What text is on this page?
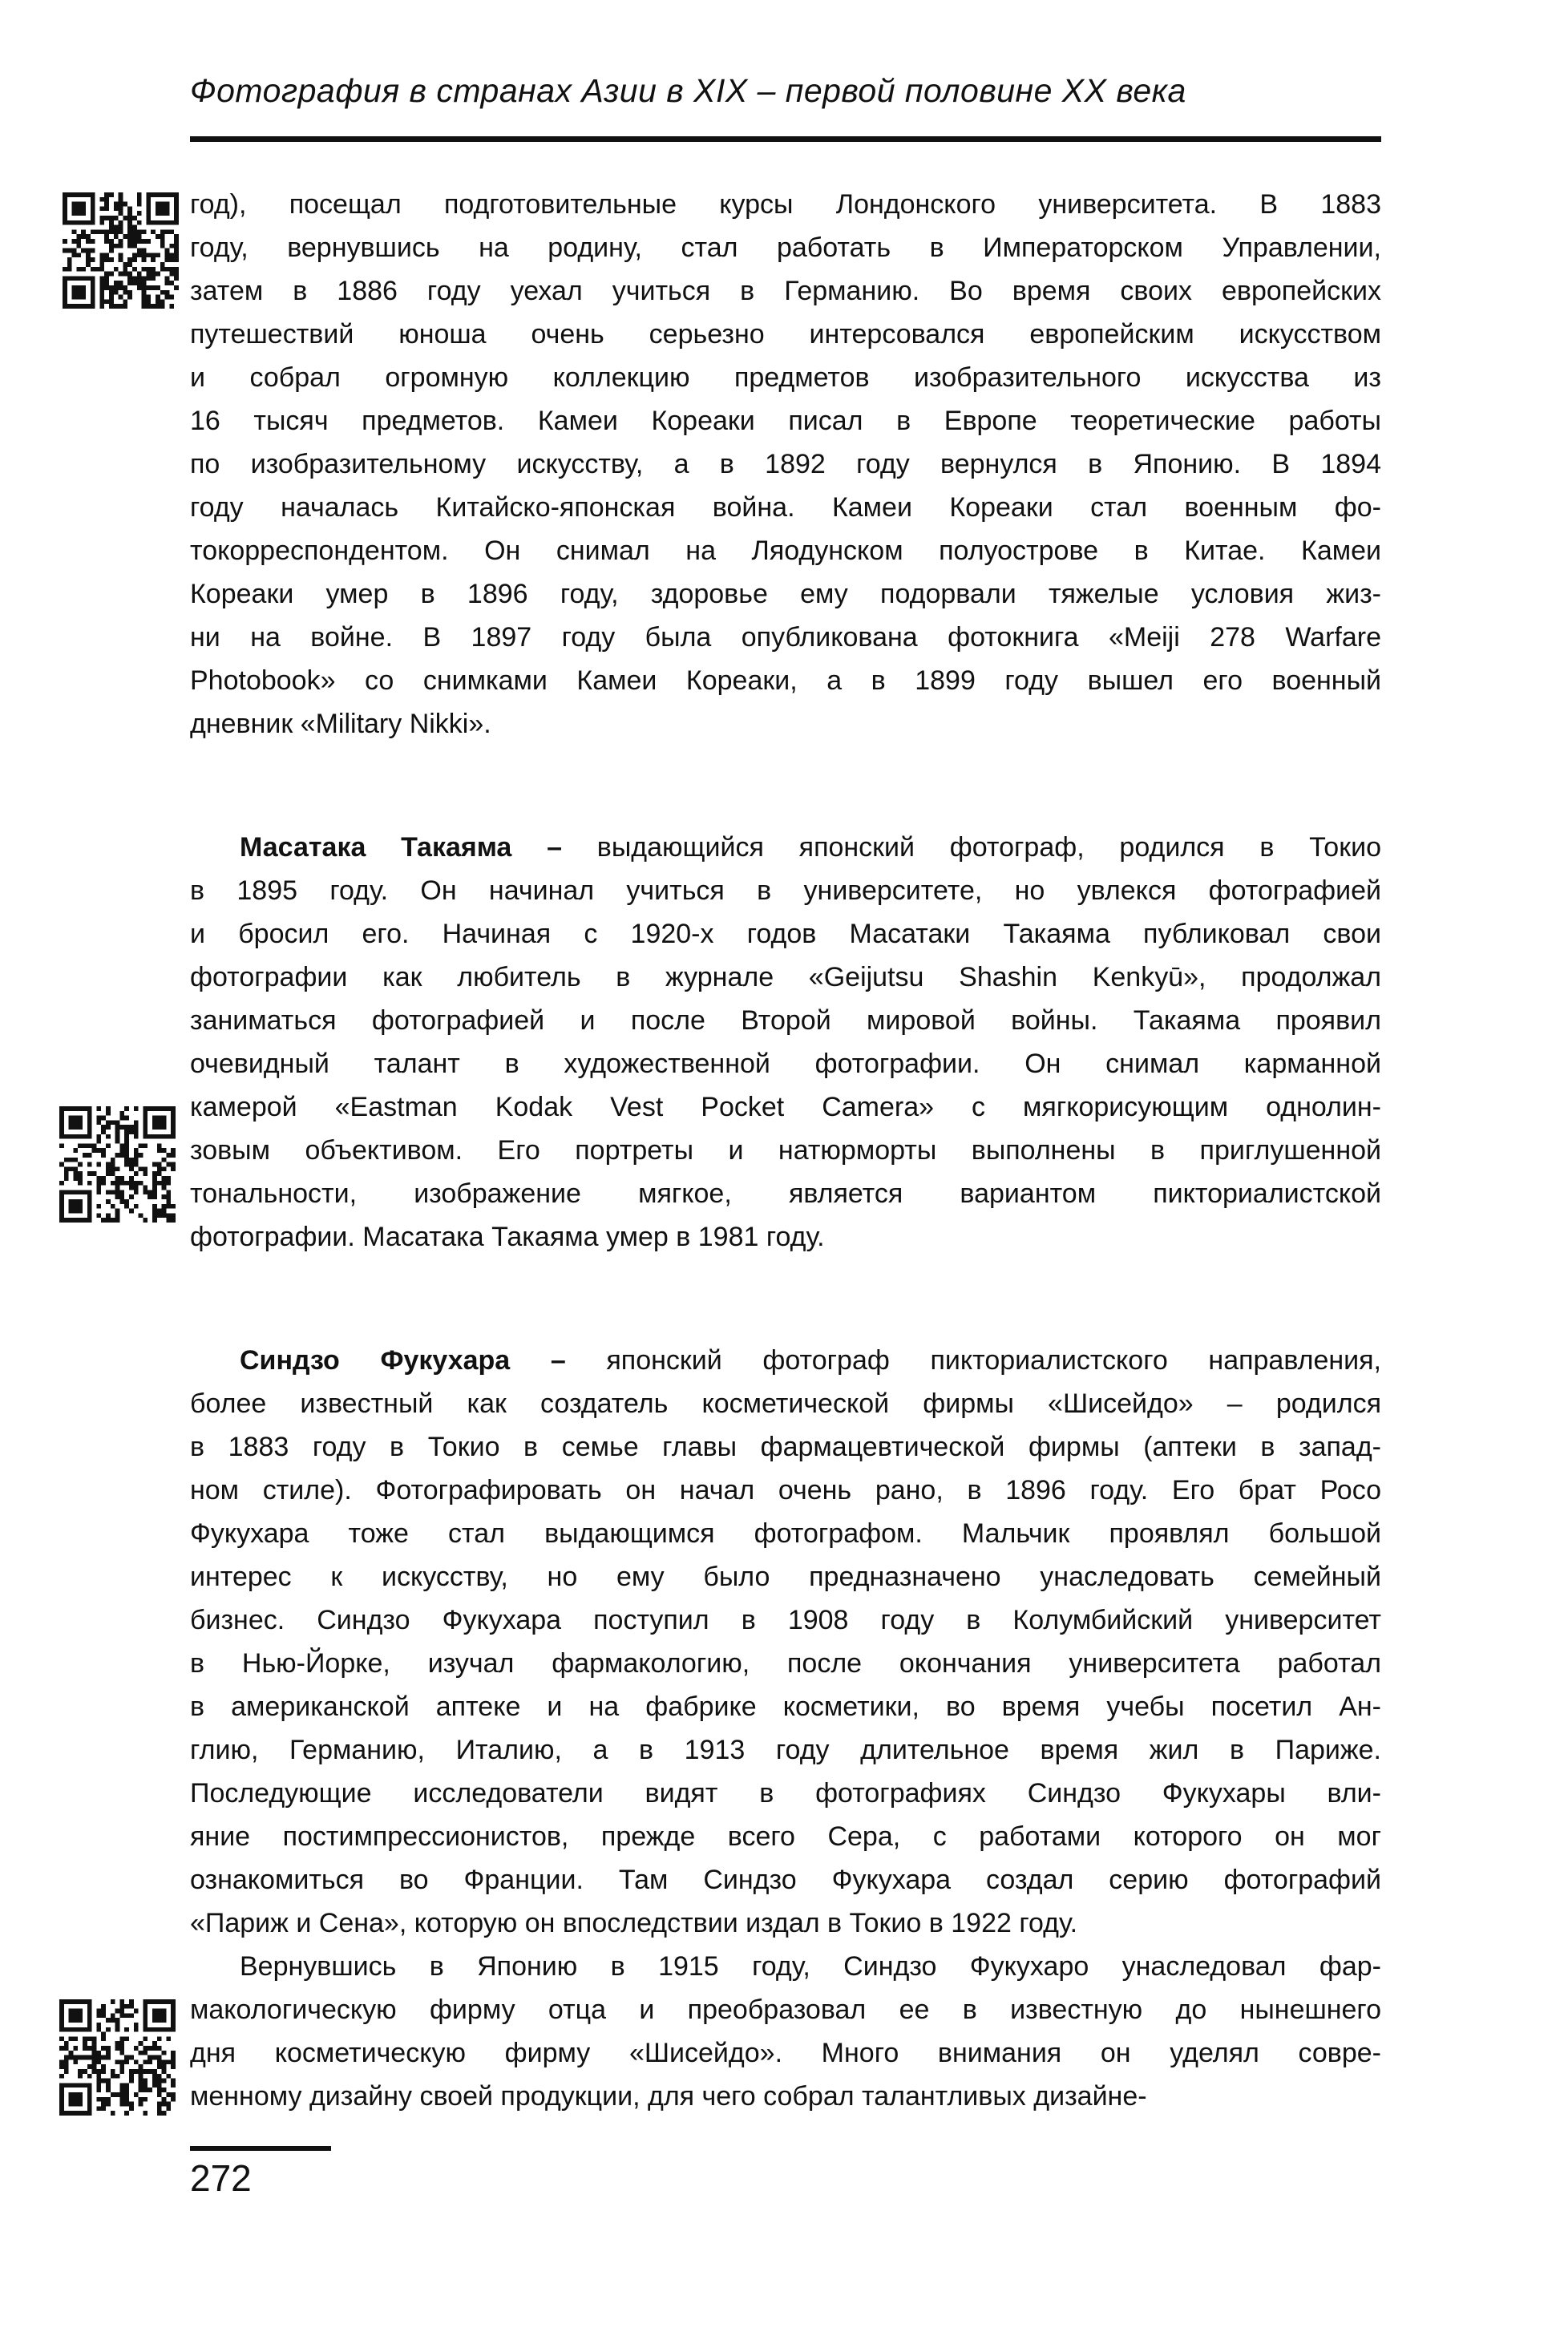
Фотография в странах Азии в XIX – первой половине XX века
год), посещал подготовительные курсы Лондонского университета. В 1883
году, вернувшись на родину, стал работать в Императорском Управлении,
затем в 1886 году уехал учиться в Германию. Во время своих европейских
путешествий юноша очень серьезно интерсовался европейским искусством
и собрал огромную коллекцию предметов изобразительного искусства из
16 тысяч предметов. Камеи Кореаки писал в Европе теоретические работы
по изобразительному искусству, а в 1892 году вернулся в Японию. В 1894
году началась Китайско-японская война. Камеи Кореаки стал военным фо-
токорреспондентом. Он снимал на Ляодунском полуострове в Китае. Камеи
Кореаки умер в 1896 году, здоровье ему подорвали тяжелые условия жиз-
ни на войне. В 1897 году была опубликована фотокнига «Meiji 278 Warfare
Photobook» со снимками Камеи Кореаки, а в 1899 году вышел его военный
дневник «Military Nikki».
Масатака Такаяма – выдающийся японский фотограф, родился в Токио
в 1895 году. Он начинал учиться в университете, но увлекся фотографией
и бросил его. Начиная с 1920-х годов Масатаки Такаяма публиковал свои
фотографии как любитель в журнале «Geijutsu Shashin Kenkyū», продолжал
заниматься фотографией и после Второй мировой войны. Такаяма проявил
очевидный талант в художественной фотографии. Он снимал карманной
камерой «Eastman Kodak Vest Pocket Camera» с мягкорисующим однолин-
зовым объективом. Его портреты и натюрморты выполнены в приглушенной
тональности, изображение мягкое, является вариантом пикториалистской
фотографии. Масатака Такаяма умер в 1981 году.
Синдзо Фукухара – японский фотограф пикториалистского направления,
более известный как создатель косметической фирмы «Шисейдо» – родился
в 1883 году в Токио в семье главы фармацевтической фирмы (аптеки в запад-
ном стиле). Фотографировать он начал очень рано, в 1896 году. Его брат Росо
Фукухара тоже стал выдающимся фотографом. Мальчик проявлял большой
интерес к искусству, но ему было предназначено унаследовать семейный
бизнес. Синдзо Фукухара поступил в 1908 году в Колумбийский университет
в Нью-Йорке, изучал фармакологию, после окончания университета работал
в американской аптеке и на фабрике косметики, во время учебы посетил Ан-
глию, Германию, Италию, а в 1913 году длительное время жил в Париже.
Последующие исследователи видят в фотографиях Синдзо Фукухары вли-
яние постимпрессионистов, прежде всего Сера, с работами которого он мог
ознакомиться во Франции. Там Синдзо Фукухара создал серию фотографий
«Париж и Сена», которую он впоследствии издал в Токио в 1922 году.
Вернувшись в Японию в 1915 году, Синдзо Фукухаро унаследовал фар-
макологическую фирму отца и преобразовал ее в известную до нынешнего
дня косметическую фирму «Шисейдо». Много внимания он уделял совре-
менному дизайну своей продукции, для чего собрал талантливых дизайне-
272
